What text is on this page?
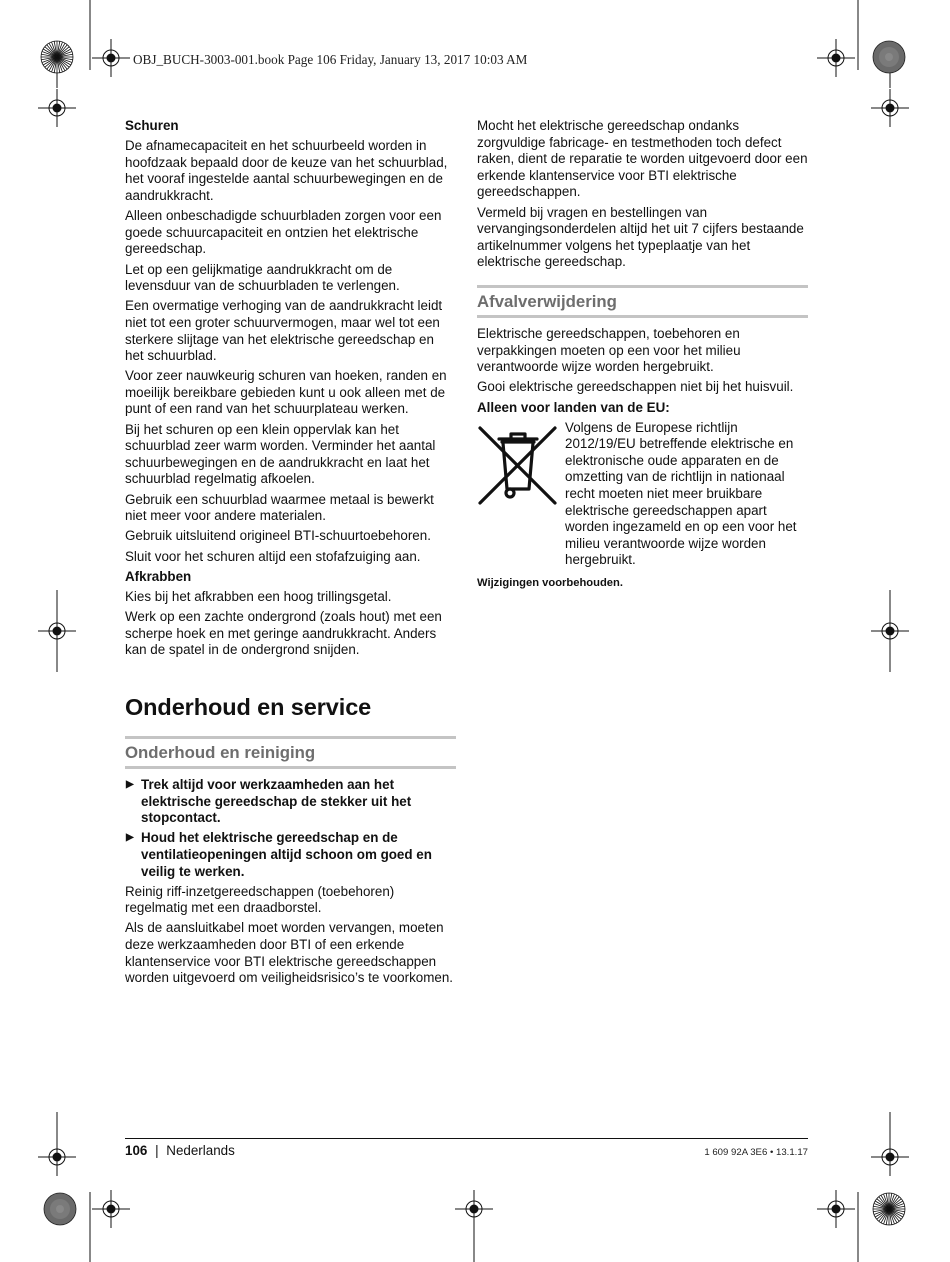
OBJ_BUCH-3003-001.book Page 106 Friday, January 13, 2017 10:03 AM

Schuren

De afnamecapaciteit en het schuurbeeld worden in hoofdzaak bepaald door de keuze van het schuurblad, het vooraf ingestelde aantal schuurbewegingen en de aandrukkracht.

Alleen onbeschadigde schuurbladen zorgen voor een goede schuurcapaciteit en ontzien het elektrische gereedschap.

Let op een gelijkmatige aandrukkracht om de levensduur van de schuurbladen te verlengen.

Een overmatige verhoging van de aandrukkracht leidt niet tot een groter schuurvermogen, maar wel tot een sterkere slijtage van het elektrische gereedschap en het schuurblad.

Voor zeer nauwkeurig schuren van hoeken, randen en moeilijk bereikbare gebieden kunt u ook alleen met de punt of een rand van het schuurplateau werken.

Bij het schuren op een klein oppervlak kan het schuurblad zeer warm worden. Verminder het aantal schuurbewegingen en de aandrukkracht en laat het schuurblad regelmatig afkoelen.

Gebruik een schuurblad waarmee metaal is bewerkt niet meer voor andere materialen.

Gebruik uitsluitend origineel BTI-schuurtoebehoren.

Sluit voor het schuren altijd een stofafzuiging aan.

Afkrabben

Kies bij het afkrabben een hoog trillingsgetal.

Werk op een zachte ondergrond (zoals hout) met een scherpe hoek en met geringe aandrukkracht. Anders kan de spatel in de ondergrond snijden.

Onderhoud en service
Onderhoud en reiniging
▶ Trek altijd voor werkzaamheden aan het elektrische gereedschap de stekker uit het stopcontact.
▶ Houd het elektrische gereedschap en de ventilatieopeningen altijd schoon om goed en veilig te werken.

Reinig riff-inzetgereedschappen (toebehoren) regelmatig met een draadborstel.

Als de aansluitkabel moet worden vervangen, moeten deze werkzaamheden door BTI of een erkende klantenservice voor BTI elektrische gereedschappen worden uitgevoerd om veiligheidsrisico’s te voorkomen.

Mocht het elektrische gereedschap ondanks zorgvuldige fabricage- en testmethoden toch defect raken, dient de reparatie te worden uitgevoerd door een erkende klantenservice voor BTI elektrische gereedschappen.

Vermeld bij vragen en bestellingen van vervangingsonderdelen altijd het uit 7 cijfers bestaande artikelnummer volgens het typeplaatje van het elektrische gereedschap.

Afvalverwijdering

Elektrische gereedschappen, toebehoren en verpakkingen moeten op een voor het milieu verantwoorde wijze worden hergebruikt.

Gooi elektrische gereedschappen niet bij het huisvuil.

Alleen voor landen van de EU:

Volgens de Europese richtlijn 2012/19/EU betreffende elektrische en elektronische oude apparaten en de omzetting van de richtlijn in nationaal recht moeten niet meer bruikbare elektrische gereedschappen apart worden ingezameld en op een voor het milieu verantwoorde wijze worden hergebruikt.

Wijzigingen voorbehouden.

106 | Nederlands	1 609 92A 3E6 • 13.1.17
